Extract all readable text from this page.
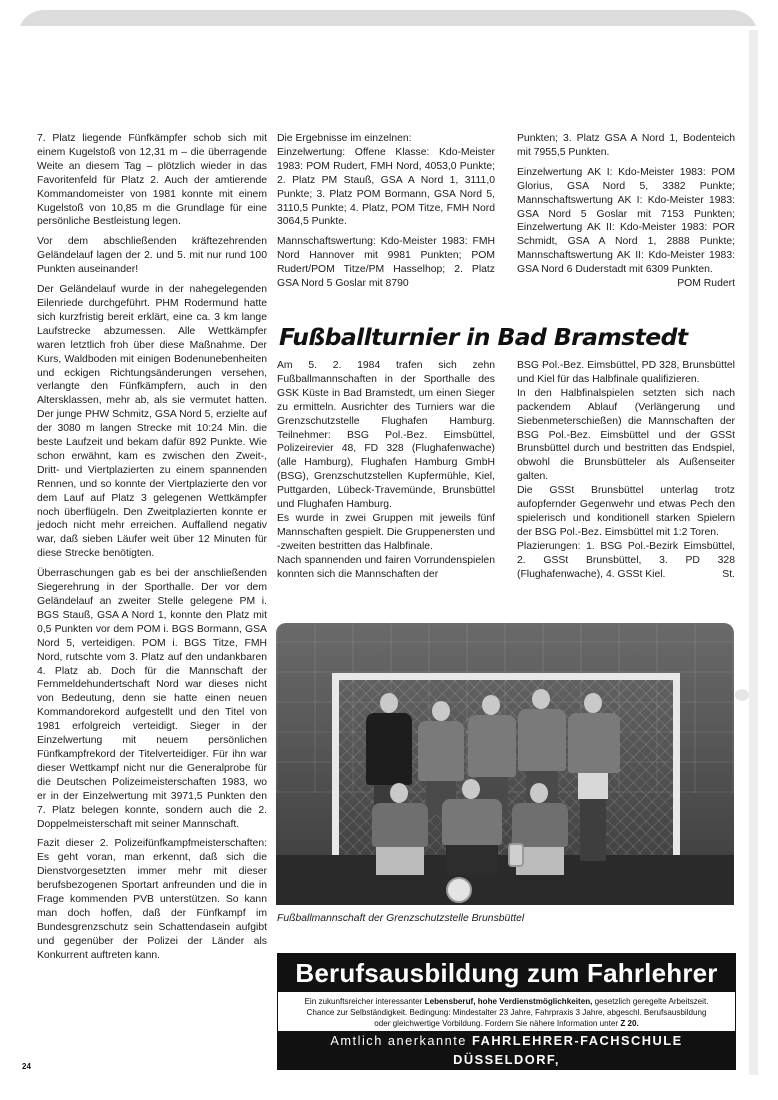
7. Platz liegende Fünfkämpfer schob sich mit einem Kugelstoß von 12,31 m – die überragende Weite an diesem Tag – plötzlich wieder in das Favoritenfeld für Platz 2. Auch der amtierende Kommandomeister von 1981 konnte mit einem Kugelstoß von 10,85 m die Grundlage für eine persönliche Bestleistung legen.

Vor dem abschließenden kräftezehrenden Geländelauf lagen der 2. und 5. mit nur rund 100 Punkten auseinander!

Der Geländelauf wurde in der nahegelegenden Eilenriede durchgeführt. PHM Rodermund hatte sich kurzfristig bereit erklärt, eine ca. 3 km lange Laufstrecke abzumessen. Alle Wettkämpfer waren letztlich froh über diese Maßnahme. Der Kurs, Waldboden mit einigen Bodenunebenheiten und eckigen Richtungsänderungen versehen, verlangte den Fünfkämpfern, auch in den Altersklassen, mehr ab, als sie vermutet hatten. Der junge PHW Schmitz, GSA Nord 5, erzielte auf der 3080 m langen Strecke mit 10:24 Min. die beste Laufzeit und bekam dafür 892 Punkte. Wie schon erwähnt, kam es zwischen den Zweit-, Dritt- und Viertplazierten zu einem spannenden Rennen, und so konnte der Viertplazierte den vor dem Lauf auf Platz 3 gelegenen Wettkämpfer noch überflügeln. Den Zweitplazierten konnte er jedoch nicht mehr erreichen. Auffallend negativ war, daß sieben Läufer weit über 12 Minuten für diese Strecke benötigten.

Überraschungen gab es bei der anschließenden Siegerehrung in der Sporthalle. Der vor dem Geländelauf an zweiter Stelle gelegene PM i. BGS Stauß, GSA A Nord 1, konnte den Platz mit 0,5 Punkten vor dem POM i. BGS Bormann, GSA Nord 5, verteidigen. POM i. BGS Titze, FMH Nord, rutschte vom 3. Platz auf den undankbaren 4. Platz ab. Doch für die Mannschaft der Fernmeldehundertschaft Nord war dieses nicht von Bedeutung, denn sie hatte einen neuen Kommandorekord aufgestellt und den Titel von 1981 erfolgreich verteidigt. Sieger in der Einzelwertung mit neuem persönlichen Fünfkampfrekord der Titelverteidiger. Für ihn war dieser Wettkampf nicht nur die Generalprobe für die Deutschen Polizeimeisterschaften 1983, wo er in der Einzelwertung mit 3971,5 Punkten den 7. Platz belegen konnte, sondern auch die 2. Doppelmeisterschaft mit seiner Mannschaft.

Fazit dieser 2. Polizeifünfkampfmeisterschaften: Es geht voran, man erkennt, daß sich die Dienstvorgesetzten immer mehr mit dieser berufsbezogenen Sportart anfreunden und die in Frage kommenden PVB unterstützen. So kann man doch hoffen, daß der Fünfkampf im Bundesgrenzschutz sein Schattendasein aufgibt und gegenüber der Polizei der Länder als Konkurrent auftreten kann.

Die Ergebnisse im einzelnen:

Einzelwertung: Offene Klasse: Kdo-Meister 1983: POM Rudert, FMH Nord, 4053,0 Punkte; 2. Platz PM Stauß, GSA A Nord 1, 3111,0 Punkte; 3. Platz POM Bormann, GSA Nord 5, 3110,5 Punkte; 4. Platz, POM Titze, FMH Nord 3064,5 Punkte.

Mannschaftswertung: Kdo-Meister 1983: FMH Nord Hannover mit 9981 Punkten; POM Rudert/POM Titze/PM Hasselhop; 2. Platz GSA Nord 5 Goslar mit 8790

Punkten; 3. Platz GSA A Nord 1, Bodenteich mit 7955,5 Punkten.

Einzelwertung AK I: Kdo-Meister 1983: POM Glorius, GSA Nord 5, 3382 Punkte; Mannschaftswertung AK I: Kdo-Meister 1983: GSA Nord 5 Goslar mit 7153 Punkten; Einzelwertung AK II: Kdo-Meister 1983: POR Schmidt, GSA A Nord 1, 2888 Punkte; Mannschaftswertung AK II: Kdo-Meister 1983: GSA Nord 6 Duderstadt mit 6309 Punkten.

POM Rudert

Fußballturnier in Bad Bramstedt

Am 5. 2. 1984 trafen sich zehn Fußballmannschaften in der Sporthalle des GSK Küste in Bad Bramstedt, um einen Sieger zu ermitteln. Ausrichter des Turniers war die Grenzschutzstelle Flughafen Hamburg. Teilnehmer: BSG Pol.-Bez. Eimsbüttel, Polizeirevier 48, FD 328 (Flughafenwache) (alle Hamburg), Flughafen Hamburg GmbH (BSG), Grenzschutzstellen Kupfermühle, Kiel, Puttgarden, Lübeck-Travemünde, Brunsbüttel und Flughafen Hamburg.

Es wurde in zwei Gruppen mit jeweils fünf Mannschaften gespielt. Die Gruppenersten und -zweiten bestritten das Halbfinale.

Nach spannenden und fairen Vorrundenspielen konnten sich die Mannschaften der

BSG Pol.-Bez. Eimsbüttel, PD 328, Brunsbüttel und Kiel für das Halbfinale qualifizieren.

In den Halbfinalspielen setzten sich nach packendem Ablauf (Verlängerung und Siebenmeterschießen) die Mannschaften der BSG Pol.-Bez. Eimsbüttel und der GSSt Brunsbüttel durch und bestritten das Endspiel, obwohl die Brunsbütteler als Außenseiter galten.

Die GSSt Brunsbüttel unterlag trotz aufopfernder Gegenwehr und etwas Pech den spielerisch und konditionell starken Spielern der BSG Pol.-Bez. Eimsbüttel mit 1:2 Toren.

Plazierungen: 1. BSG Pol.-Bezirk Eimsbüttel, 2. GSSt Brunsbüttel, 3. PD 328 (Flughafenwache), 4. GSSt Kiel.	St.

Fußballmannschaft der Grenzschutzstelle Brunsbüttel
Berufsausbildung zum Fahrlehrer
Ein zukunftsreicher interessanter Lebensberuf, hohe Verdienstmöglichkeiten, gesetzlich geregelte Arbeitszeit.
Chance zur Selbständigkeit. Bedingung: Mindestalter 23 Jahre, Fahrpraxis 3 Jahre, abgeschl. Berufsausbildung
oder gleichwertige Vorbildung. Fordern Sie nähere Information unter Z 20.
Amtlich anerkannte FAHRLEHRER-FACHSCHULE DÜSSELDORF,
Münsterstraße 241, Tel. 0211/637878, Postfach 320367
24
